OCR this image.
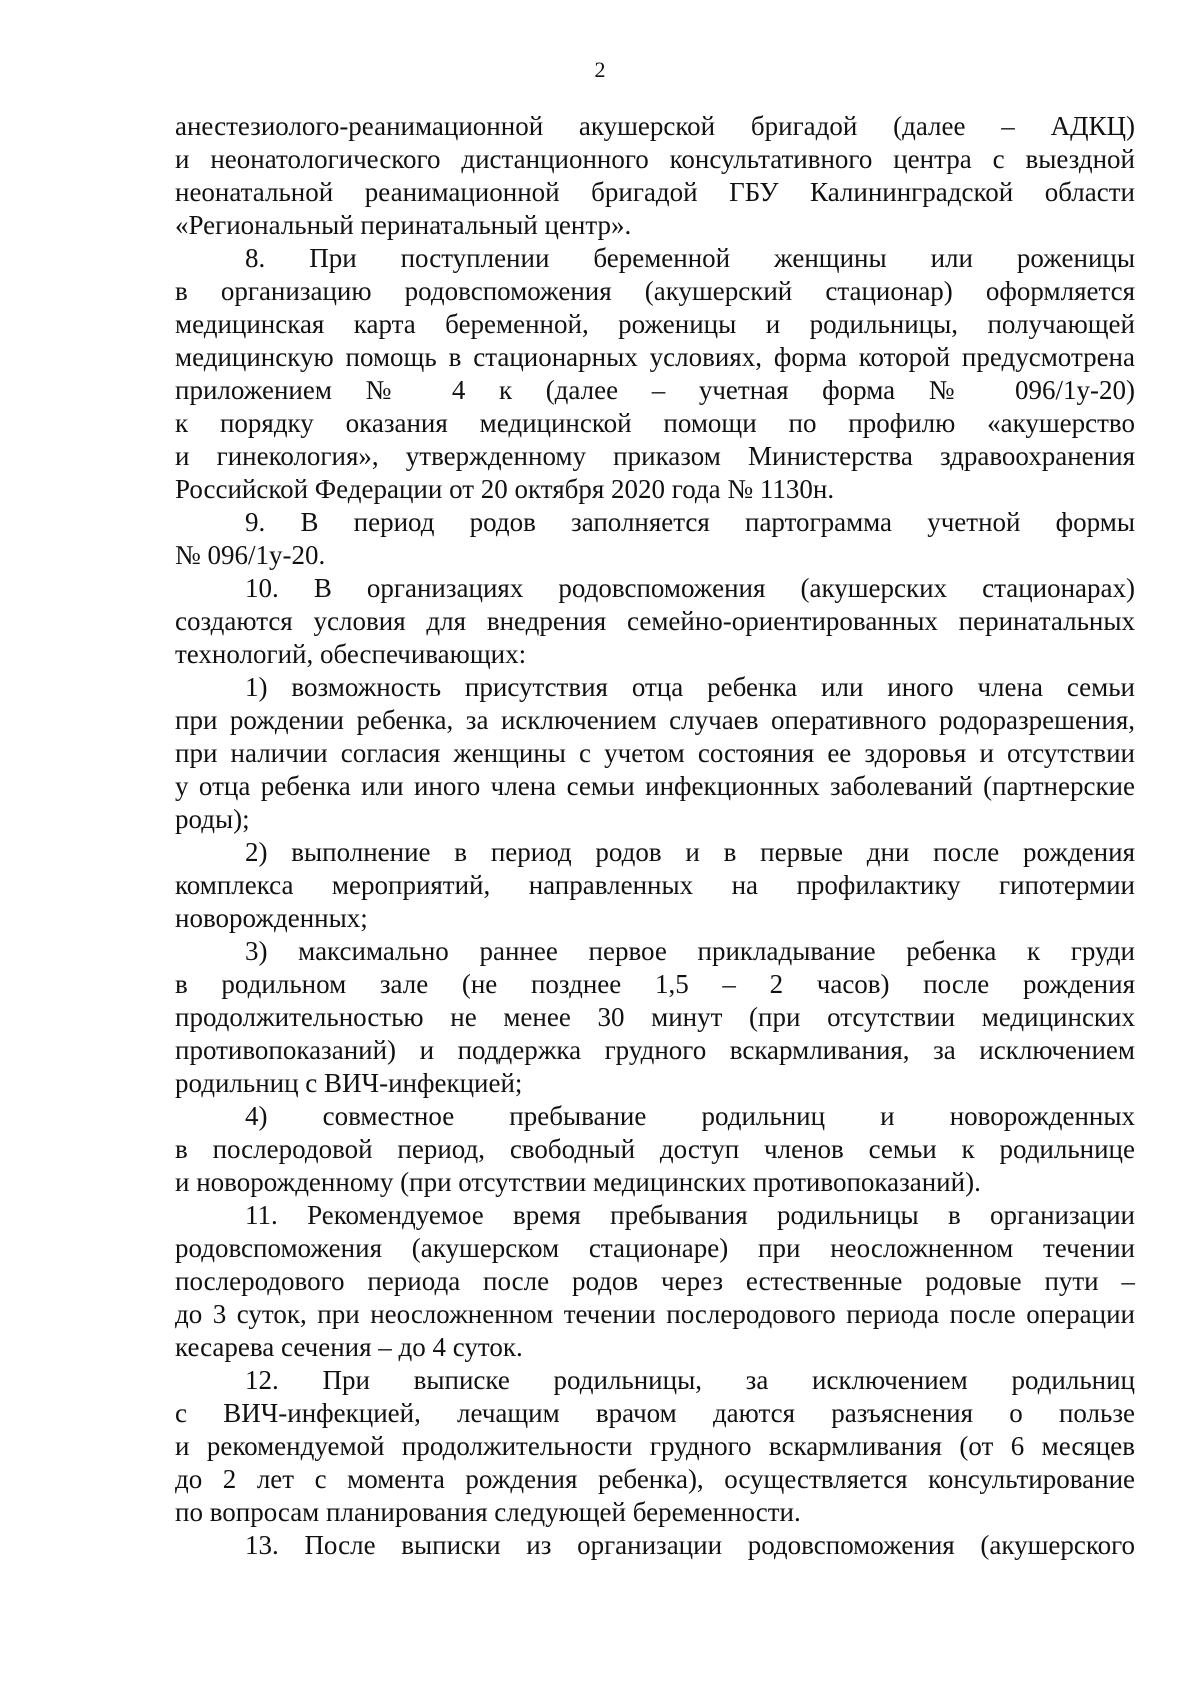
2
анестезиолого-реанимационной акушерской бригадой (далее – АДКЦ)
и неонатологического дистанционного консультативного центра с выездной
неонатальной реанимационной бригадой ГБУ Калининградской области
«Региональный перинатальный центр».
8. При поступлении беременной женщины или роженицы
в организацию родовспоможения (акушерский стационар) оформляется
медицинская карта беременной, роженицы и родильницы, получающей
медицинскую помощь в стационарных условиях, форма которой предусмотрена
приложением № 4 к (далее – учетная форма № 096/1у-20)
к порядку оказания медицинской помощи по профилю «акушерство
и гинекология», утвержденному приказом Министерства здравоохранения
Российской Федерации от 20 октября 2020 года № 1130н.
9. В период родов заполняется партограмма учетной формы
№ 096/1у-20.
10. В организациях родовспоможения (акушерских стационарах)
создаются условия для внедрения семейно-ориентированных перинатальных
технологий, обеспечивающих:
1) возможность присутствия отца ребенка или иного члена семьи
при рождении ребенка, за исключением случаев оперативного родоразрешения,
при наличии согласия женщины с учетом состояния ее здоровья и отсутствии
у отца ребенка или иного члена семьи инфекционных заболеваний (партнерские
роды);
2) выполнение в период родов и в первые дни после рождения
комплекса мероприятий, направленных на профилактику гипотермии
новорожденных;
3) максимально раннее первое прикладывание ребенка к груди
в родильном зале (не позднее 1,5 – 2 часов) после рождения
продолжительностью не менее 30 минут (при отсутствии медицинских
противопоказаний) и поддержка грудного вскармливания, за исключением
родильниц с ВИЧ-инфекцией;
4) совместное пребывание родильниц и новорожденных
в послеродовой период, свободный доступ членов семьи к родильнице
и новорожденному (при отсутствии медицинских противопоказаний).
11. Рекомендуемое время пребывания родильницы в организации
родовспоможения (акушерском стационаре) при неосложненном течении
послеродового периода после родов через естественные родовые пути –
до 3 суток, при неосложненном течении послеродового периода после операции
кесарева сечения – до 4 суток.
12. При выписке родильницы, за исключением родильниц
с ВИЧ-инфекцией, лечащим врачом даются разъяснения о пользе
и рекомендуемой продолжительности грудного вскармливания (от 6 месяцев
до 2 лет с момента рождения ребенка), осуществляется консультирование
по вопросам планирования следующей беременности.
13. После выписки из организации родовспоможения (акушерского
